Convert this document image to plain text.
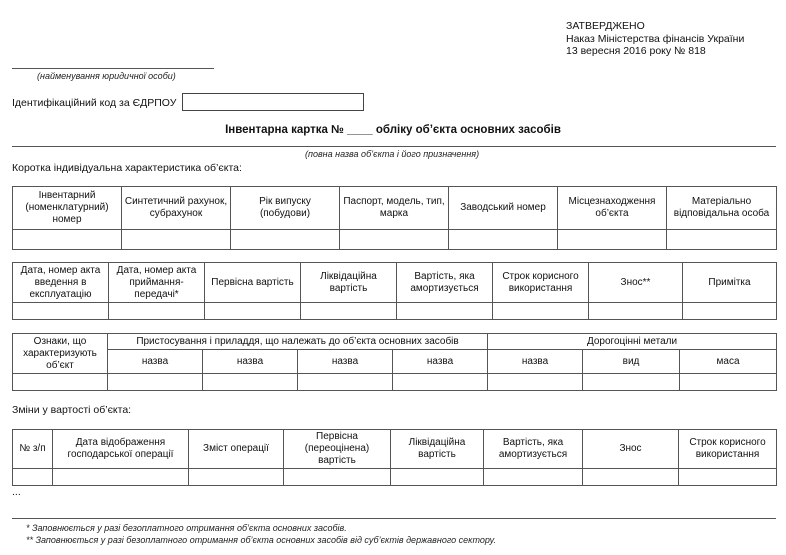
ЗАТВЕРДЖЕНО
Наказ Міністерства фінансів України
13 вересня 2016 року № 818
(найменування юридичної особи)
Ідентифікаційний код за ЄДРПОУ
Інвентарна картка № ____ обліку об’єкта основних засобів
(повна назва об’єкта і його призначення)
Коротка індивідуальна характеристика об’єкта:
Інвентарний (номенклатурний) номер	Синтетичний рахунок, субрахунок	Рік випуску (побудови)	Паспорт, модель, тип, марка	Заводський номер	Місцезнаходження об’єкта	Матеріально відповідальна особа

Дата, номер акта введення в експлуатацію	Дата, номер акта приймання-передачі*	Первісна вартість	Ліквідаційна вартість	Вартість, яка амортизується	Строк корисного використання	Знос**	Примітка

Ознаки, що характеризують об’єкт	Пристосування і приладдя, що належать до об’єкта основних засобів				Дорогоцінні метали		
	назва	назва	назва	назва	назва	вид	маса

Зміни у вартості об’єкта:
№ з/п	Дата відображення господарської операції	Зміст операції	Первісна (переоцінена) вартість	Ліквідаційна вартість	Вартість, яка амортизується	Знос	Строк корисного використання

...
* Заповнюється у разі безоплатного отримання об’єкта основних засобів.
** Заповнюється у разі безоплатного отримання об’єкта основних засобів від суб’єктів державного сектору.
